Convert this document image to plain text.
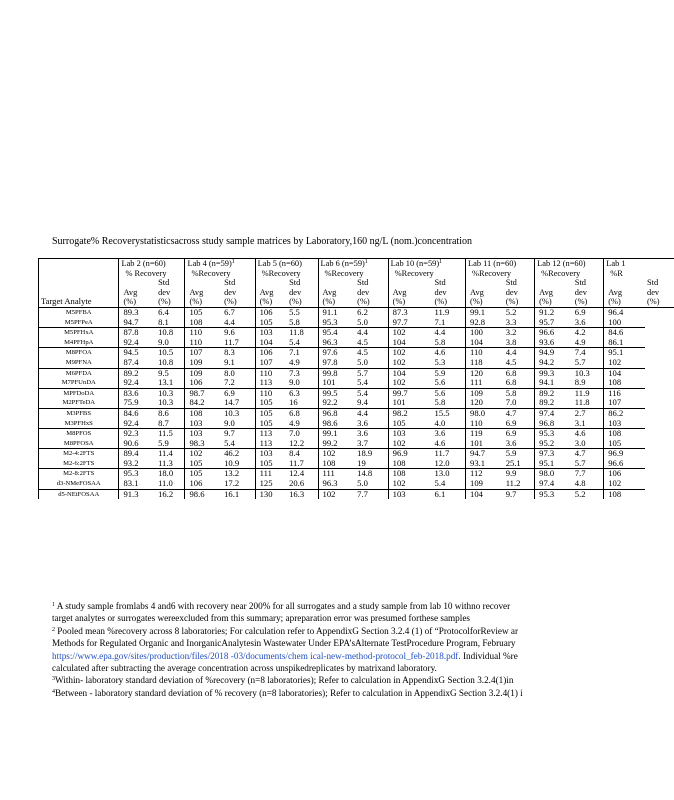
Surrogate% Recoverystatisticsacross study sample matrices by Laboratory,160 ng/L (nom.)concentration
Target Analyte	Lab 2 (n=60)		Lab 4 (n=59)$^1$		Lab 5 (n=60)		Lab 6 (n=59)$^1$		Lab 10 (n=59)$^1$		Lab 11 (n=60)		Lab 12 (n=60)		Lab 1	
	% Recovery		%Recovery		%Recovery		%Recovery		%Recovery		%Recovery		%Recovery		%R	

Avg	Std
dev	Avg	Std
dev	Avg	Std
dev	Avg	Std
dev	Avg	Std
dev	Avg	Std
dev	Avg	Std
dev	Avg	Std
dev
	(%)	(%)	(%)	(%)	(%)	(%)	(%)	(%)	(%)	(%)	(%)	(%)	(%)	(%)	(%)	(%)
M5PFBA	89.3	6.4	105	6.7	106	5.5	91.1	6.2	87.3	11.9	99.1	5.2	91.2	6.9	96.4	
M5PFPeA	94.7	8.1	108	4.4	105	5.8	95.3	5.0	97.7	7.1	92.8	3.3	95.7	3.6	100	
M5PFHxA	87.8	10.8	110	9.6	103	11.8	95.4	4.4	102	4.4	100	3.2	96.6	4.2	84.6	
M4PFHpA	92.4	9.0	110	11.7	104	5.4	96.3	4.5	104	5.8	104	3.8	93.6	4.9	86.1	
M8PFOA	94.5	10.5	107	8.3	106	7.1	97.6	4.5	102	4.6	110	4.4	94.9	7.4	95.1	
M9PFNA	87.4	10.8	109	9.1	107	4.9	97.8	5.0	102	5.3	118	4.5	94.2	5.7	102	
M6PFDA	89.2	9.5	109	8.0	110	7.3	99.8	5.7	104	5.9	120	6.8	99.3	10.3	104	
M7PFUnDA	92.4	13.1	106	7.2	113	9.0	101	5.4	102	5.6	111	6.8	94.1	8.9	108	
MPFDoDA	83.6	10.3	98.7	6.9	110	6.3	99.5	5.4	99.7	5.6	109	5.8	89.2	11.9	116	
M2PFTeDA	75.9	10.3	84.2	14.7	105	16	92.2	9.4	101	5.8	120	7.0	89.2	11.8	107	
M3PFBS	84.6	8.6	108	10.3	105	6.8	96.8	4.4	98.2	15.5	98.0	4.7	97.4	2.7	86.2	
M3PFHxS	92.4	8.7	103	9.0	105	4.9	98.6	3.6	105	4.0	110	6.9	96.8	3.1	103	
M8PFOS	92.3	11.5	103	9.7	113	7.0	99.1	3.6	103	3.6	119	6.9	95.3	4.6	108	
M8PFOSA	90.6	5.9	98.3	5.4	113	12.2	99.2	3.7	102	4.6	101	3.6	95.2	3.0	105	
M2-4:2FTS	89.4	11.4	102	46.2	103	8.4	102	18.9	96.9	11.7	94.7	5.9	97.3	4.7	96.9	
M2-6:2FTS	93.2	11.3	105	10.9	105	11.7	108	19	108	12.0	93.1	25.1	95.1	5.7	96.6	
M2-8:2FTS	95.3	18.0	105	13.2	111	12.4	111	14.8	108	13.0	112	9.9	98.0	7.7	106	
d3-NMeFOSAA	83.1	11.0	106	17.2	125	20.6	96.3	5.0	102	5.4	109	11.2	97.4	4.8	102	
d5-NEtFOSAA	91.3	16.2	98.6	16.1	130	16.3	102	7.7	103	6.1	104	9.7	95.3	5.2	108	
$^1$ A study sample fromlabs 4 and6 with recovery near 200% for all surrogates and a study sample from lab 10 withno recover
target analytes or surrogates wereexcluded from this summary; apreparation error was presumed forthese samples
$^2$ Pooled mean %recovery across 8 laboratories; For calculation refer to AppendixG Section 3.2.4 (1) of “ProtocolforReview ar
Methods for Regulated Organic and InorganicAnalytesin Wastewater Under EPA’sAlternate TestProcedure Program, February
https://www.epa.gov/sites/production/files/2018 -03/documents/chem ical-new-method-protocol_feb-2018.pdf. Individual %re
calculated after subtracting the average concentration across unspikedreplicates by matrixand laboratory.
$^3$Within- laboratory standard deviation of %recovery (n=8 laboratories); Refer to calculation in AppendixG Section 3.2.4(1)in
$^4$Between - laboratory standard deviation of % recovery (n=8 laboratories); Refer to calculation in AppendixG Section 3.2.4(1) i
